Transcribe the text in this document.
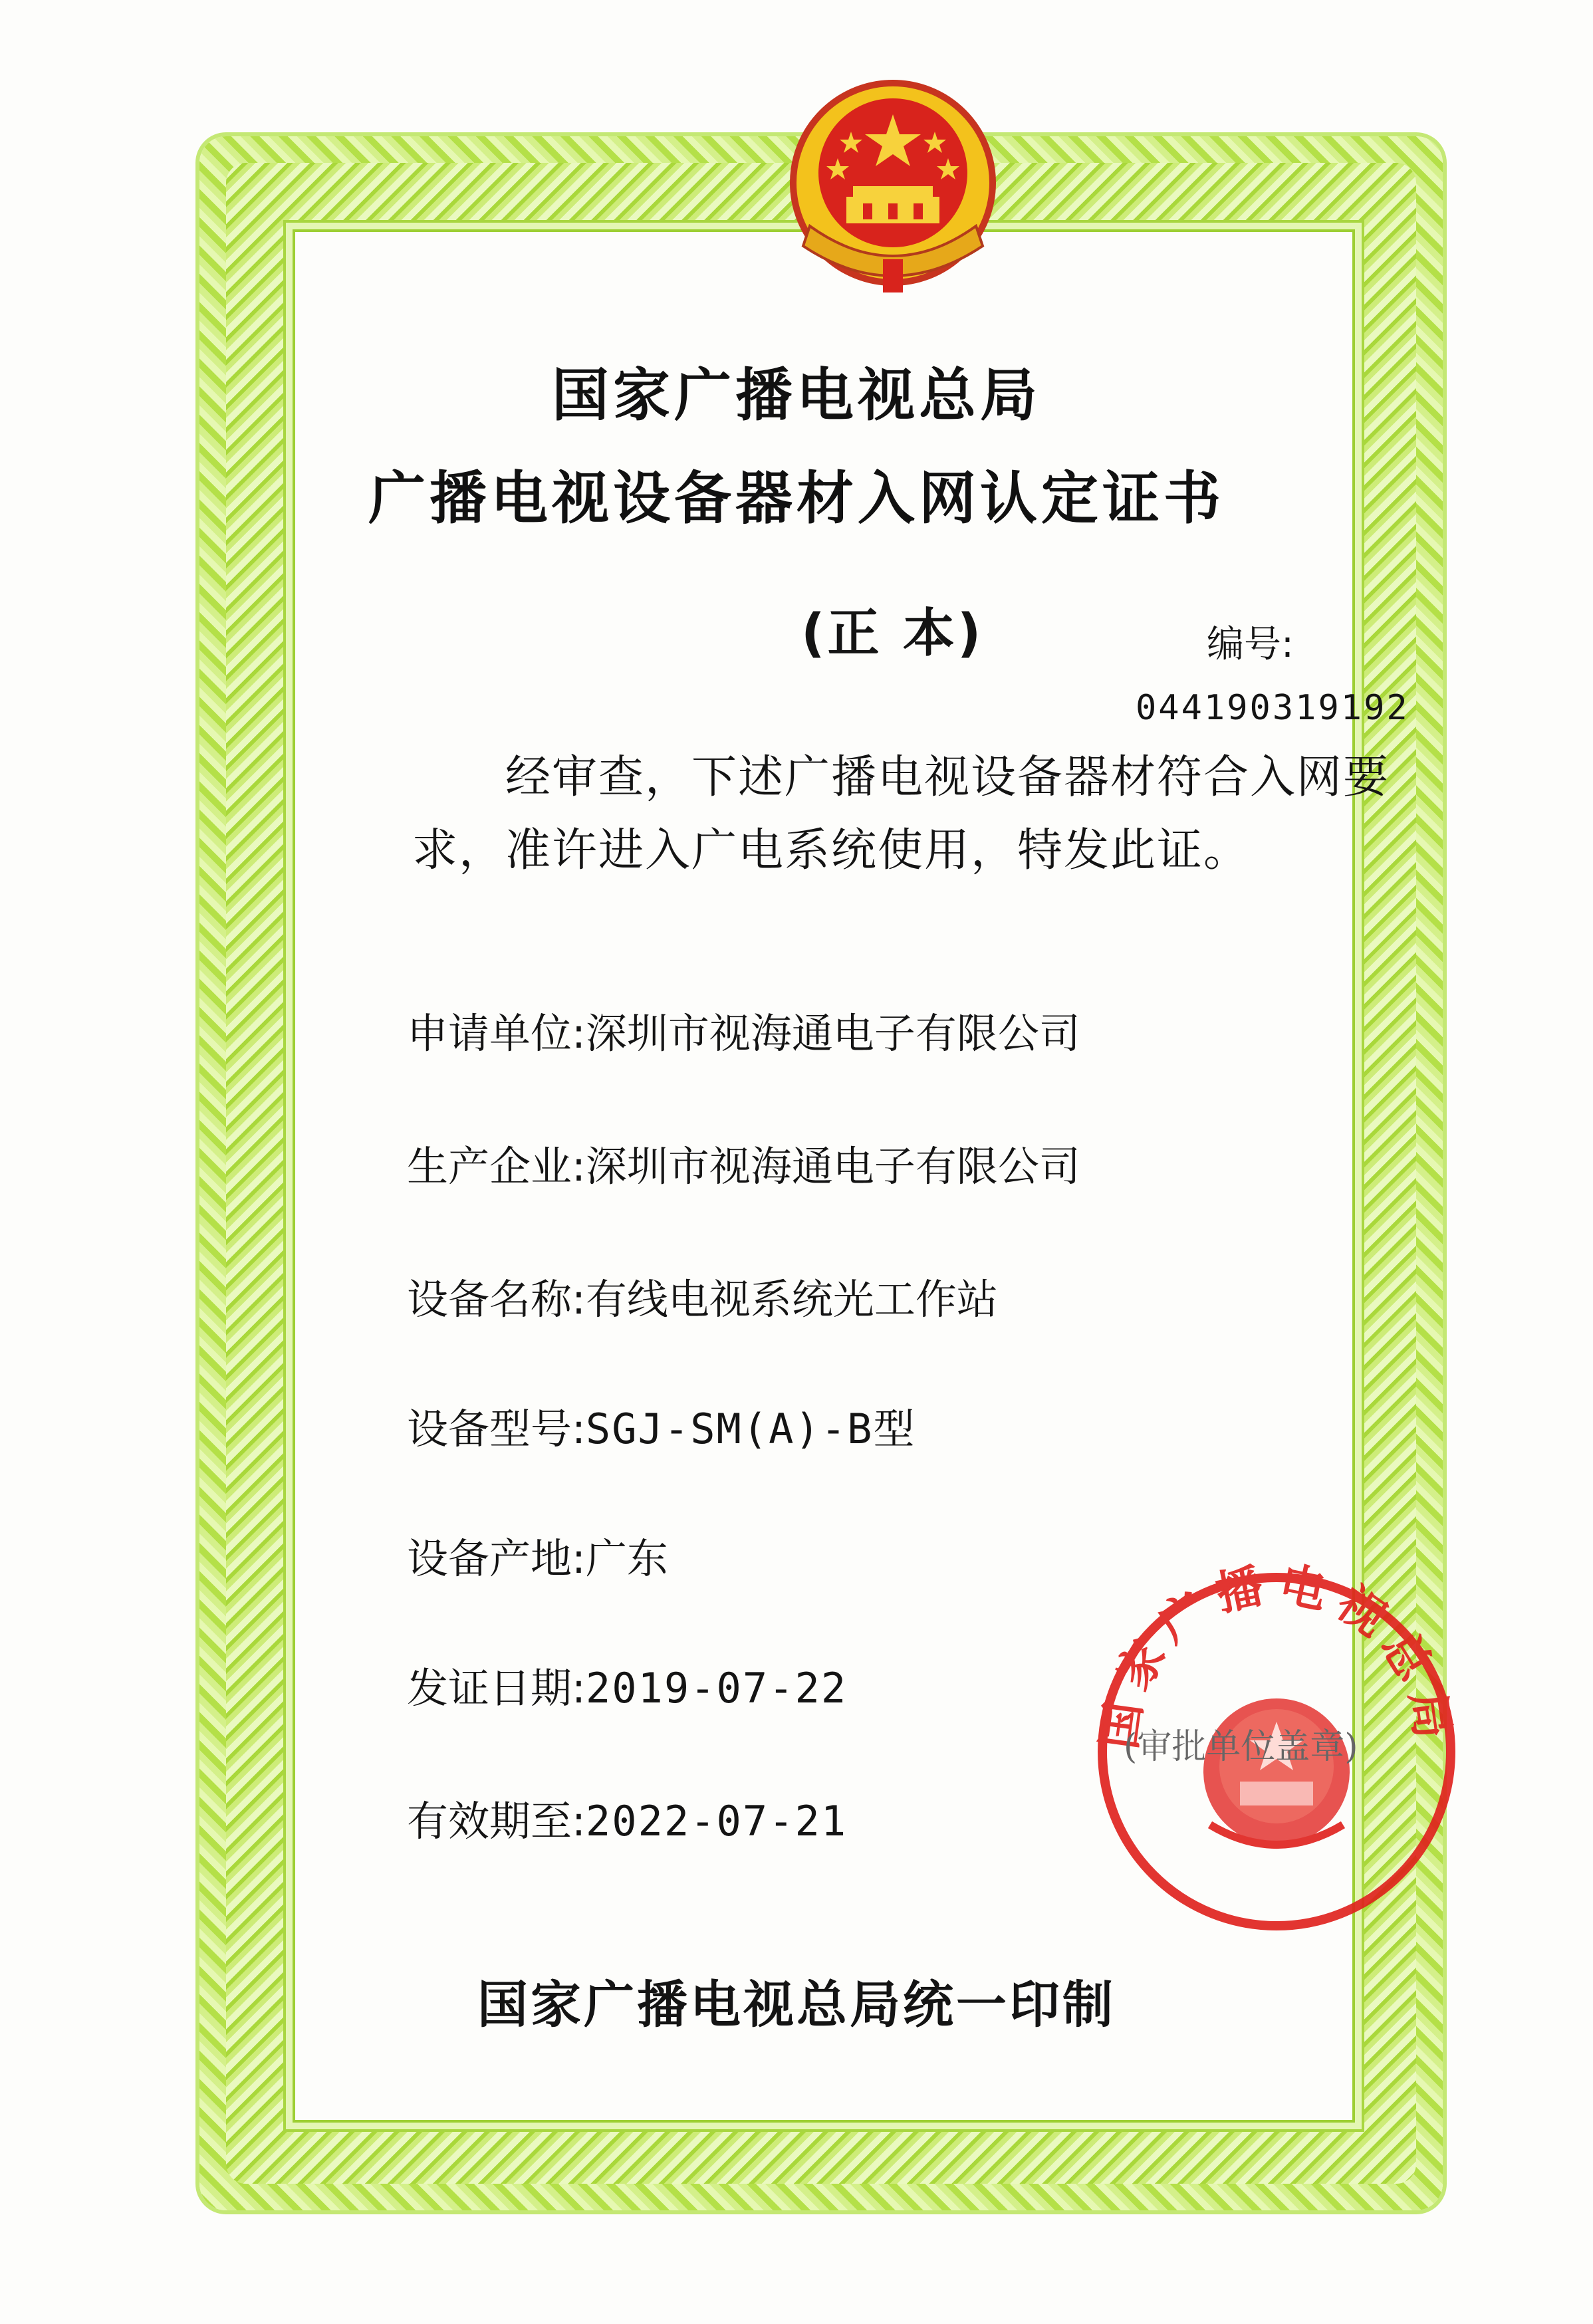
国家广播电视总局
广播电视设备器材入网认定证书
(正 本)	编号:
044190319192
经审查，下述广播电视设备器材符合入网要求，准许进入广电系统使用，特发此证。
申请单位:深圳市视海通电子有限公司
生产企业:深圳市视海通电子有限公司
设备名称:有线电视系统光工作站
设备型号:SGJ-SM(A)-B型
设备产地:广东
发证日期:2019-07-22
有效期至:2022-07-21
国家广播电视总局
(审批单位盖章)
国家广播电视总局统一印制
